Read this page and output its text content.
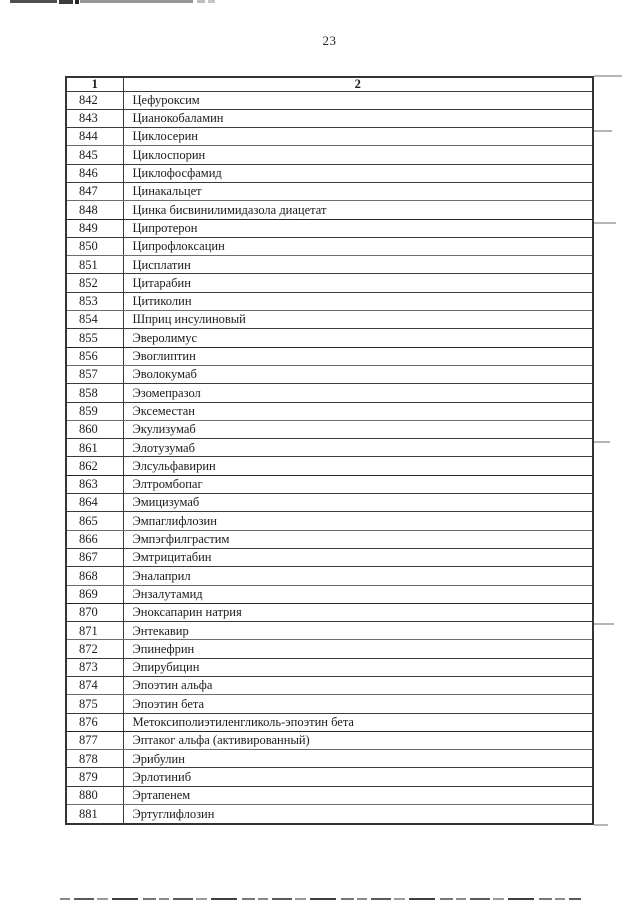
23
1	2
842	Цефуроксим
843	Цианокобаламин
844	Циклосерин
845	Циклоспорин
846	Циклофосфамид
847	Цинакальцет
848	Цинка бисвинилимидазола диацетат
849	Ципротерон
850	Ципрофлоксацин
851	Цисплатин
852	Цитарабин
853	Цитиколин
854	Шприц инсулиновый
855	Эверолимус
856	Эвоглиптин
857	Эволокумаб
858	Эзомепразол
859	Эксеместан
860	Экулизумаб
861	Элотузумаб
862	Элсульфавирин
863	Элтромбопаг
864	Эмицизумаб
865	Эмпаглифлозин
866	Эмпэгфилграстим
867	Эмтрицитабин
868	Эналаприл
869	Энзалутамид
870	Эноксапарин натрия
871	Энтекавир
872	Эпинефрин
873	Эпирубицин
874	Эпоэтин альфа
875	Эпоэтин бета
876	Метоксиполиэтиленгликоль-эпоэтин бета
877	Эптаког альфа (активированный)
878	Эрибулин
879	Эрлотиниб
880	Эртапенем
881	Эртуглифлозин
